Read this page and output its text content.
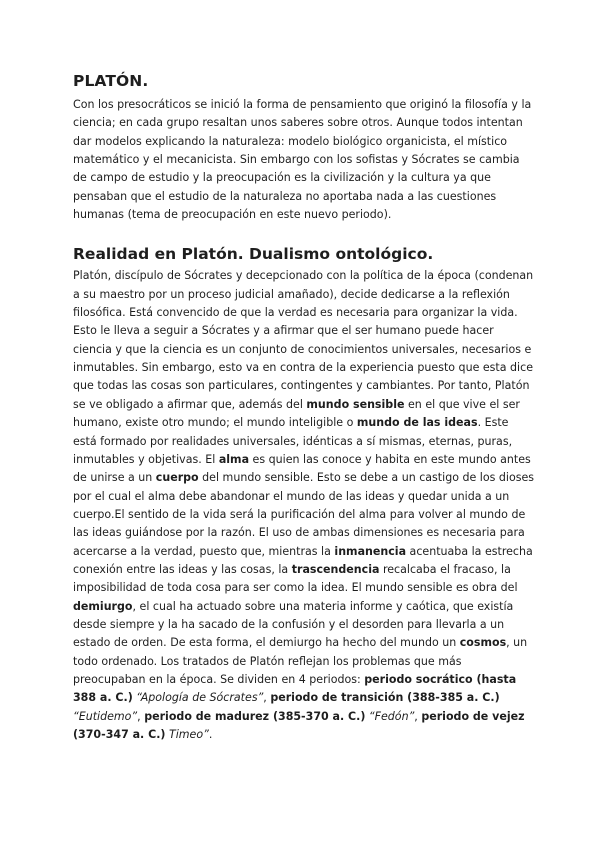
PLATÓN.

Con los presocráticos se inició la forma de pensamiento que originó la filosofía y la ciencia; en cada grupo resaltan unos saberes sobre otros. Aunque todos intentan dar modelos explicando la naturaleza: modelo biológico organicista, el místico matemático y el mecanicista. Sin embargo con los sofistas y Sócrates se cambia de campo de estudio y la preocupación es la civilización y la cultura ya que pensaban que el estudio de la naturaleza no aportaba nada a las cuestiones humanas (tema de preocupación en este nuevo periodo).

Realidad en Platón. Dualismo ontológico.

Platón, discípulo de Sócrates y decepcionado con la política de la época (condenan a su maestro por un proceso judicial amañado), decide dedicarse a la reflexión filosófica. Está convencido de que la verdad es necesaria para organizar la vida. Esto le lleva a seguir a Sócrates y a afirmar que el ser humano puede hacer ciencia y que la ciencia es un conjunto de conocimientos universales, necesarios e inmutables. Sin embargo, esto va en contra de la experiencia puesto que esta dice que todas las cosas son particulares, contingentes y cambiantes. Por tanto, Platón se ve obligado a afirmar que, además del mundo sensible en el que vive el ser humano, existe otro mundo; el mundo inteligible o mundo de las ideas. Este está formado por realidades universales, idénticas a sí mismas, eternas, puras, inmutables y objetivas. El alma es quien las conoce y habita en este mundo antes de unirse a un cuerpo del mundo sensible. Esto se debe a un castigo de los dioses por el cual el alma debe abandonar el mundo de las ideas y quedar unida a un cuerpo.El sentido de la vida será la purificación del alma para volver al mundo de las ideas guiándose por la razón. El uso de ambas dimensiones es necesaria para acercarse a la verdad, puesto que, mientras la inmanencia acentuaba la estrecha conexión entre las ideas y las cosas, la trascendencia recalcaba el fracaso, la imposibilidad de toda cosa para ser como la idea. El mundo sensible es obra del demiurgo, el cual ha actuado sobre una materia informe y caótica, que existía desde siempre y la ha sacado de la confusión y el desorden para llevarla a un estado de orden. De esta forma, el demiurgo ha hecho del mundo un cosmos, un todo ordenado. Los tratados de Platón reflejan los problemas que más preocupaban en la época. Se dividen en 4 periodos: periodo socrático (hasta 388 a. C.) “Apología de Sócrates”, periodo de transición (388-385 a. C.) “Eutidemo”, periodo de madurez (385-370 a. C.) “Fedón”, periodo de vejez (370-347 a. C.) Timeo”.
